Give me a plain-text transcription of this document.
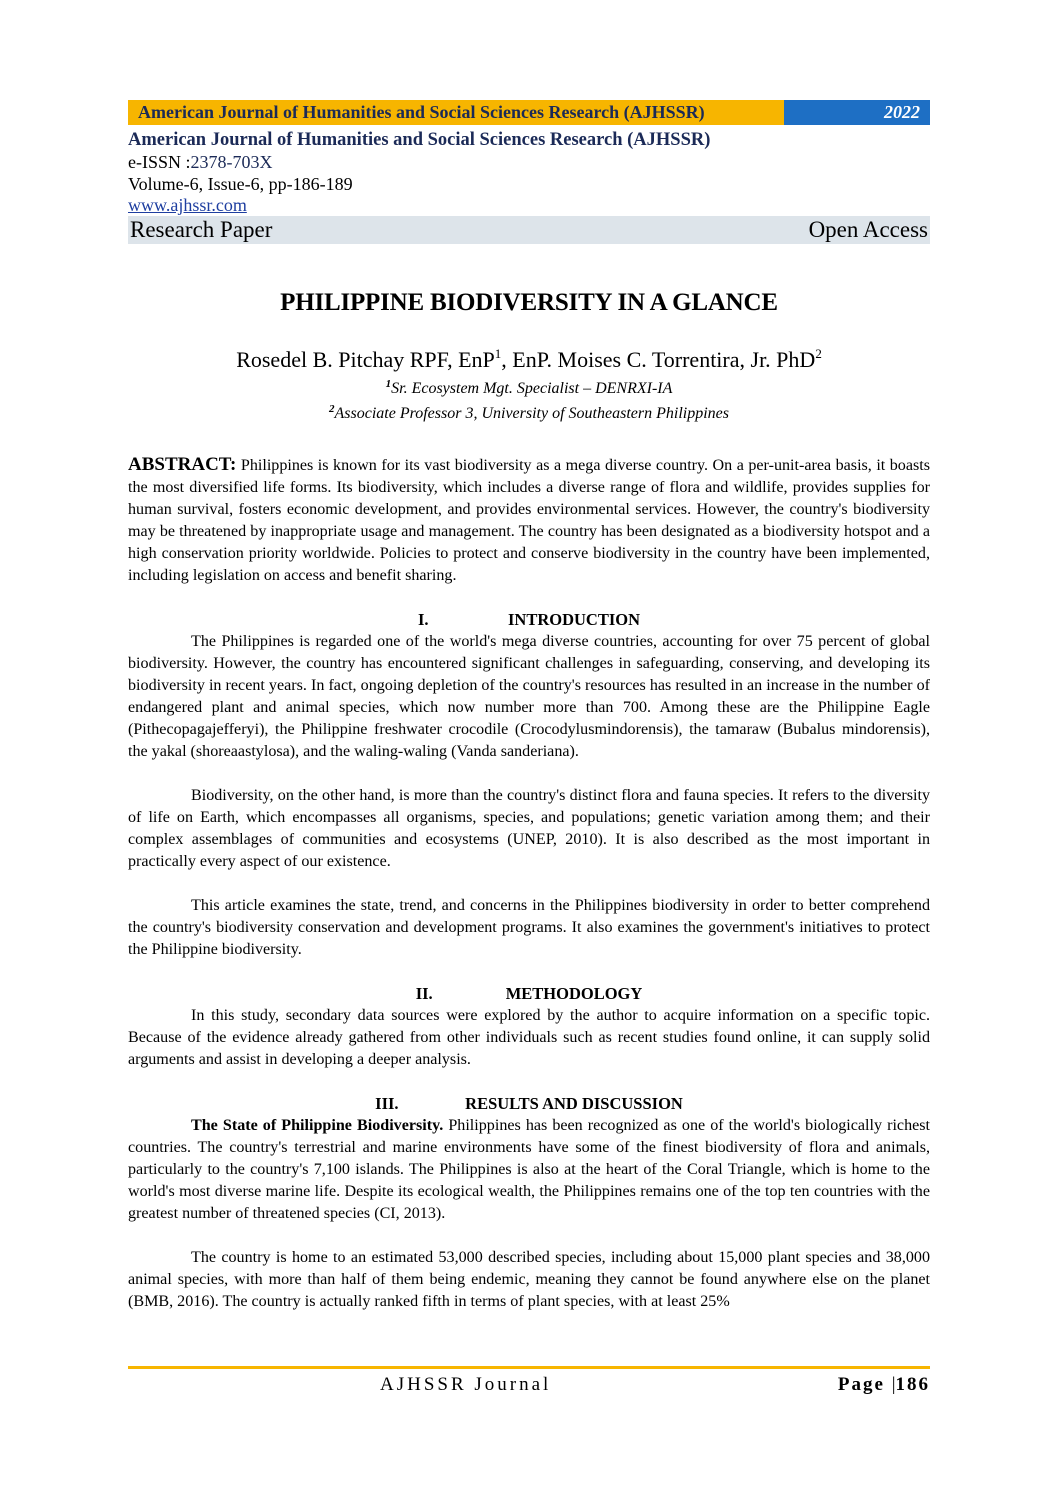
American Journal of Humanities and Social Sciences Research (AJHSSR)	2022
American Journal of Humanities and Social Sciences Research (AJHSSR)
e-ISSN :2378-703X
Volume-6, Issue-6, pp-186-189
www.ajhssr.com
Research Paper	Open Access
PHILIPPINE BIODIVERSITY IN A GLANCE
Rosedel B. Pitchay RPF, EnP$^1$, EnP. Moises C. Torrentira, Jr. PhD$^2$
$^1$Sr. Ecosystem Mgt. Specialist – DENRXI-IA
$^2$Associate Professor 3, University of Southeastern Philippines
ABSTRACT: Philippines is known for its vast biodiversity as a mega diverse country. On a per-unit-area basis, it boasts the most diversified life forms. Its biodiversity, which includes a diverse range of flora and wildlife, provides supplies for human survival, fosters economic development, and provides environmental services. However, the country's biodiversity may be threatened by inappropriate usage and management. The country has been designated as a biodiversity hotspot and a high conservation priority worldwide. Policies to protect and conserve biodiversity in the country have been implemented, including legislation on access and benefit sharing.
I.	INTRODUCTION
The Philippines is regarded one of the world's mega diverse countries, accounting for over 75 percent of global biodiversity. However, the country has encountered significant challenges in safeguarding, conserving, and developing its biodiversity in recent years. In fact, ongoing depletion of the country's resources has resulted in an increase in the number of endangered plant and animal species, which now number more than 700. Among these are the Philippine Eagle (Pithecopagajefferyi), the Philippine freshwater crocodile (Crocodylusmindorensis), the tamaraw (Bubalus mindorensis), the yakal (shoreaastylosa), and the waling-waling (Vanda sanderiana).
Biodiversity, on the other hand, is more than the country's distinct flora and fauna species. It refers to the diversity of life on Earth, which encompasses all organisms, species, and populations; genetic variation among them; and their complex assemblages of communities and ecosystems (UNEP, 2010). It is also described as the most important in practically every aspect of our existence.
This article examines the state, trend, and concerns in the Philippines biodiversity in order to better comprehend the country's biodiversity conservation and development programs. It also examines the government's initiatives to protect the Philippine biodiversity.
II.	METHODOLOGY
In this study, secondary data sources were explored by the author to acquire information on a specific topic. Because of the evidence already gathered from other individuals such as recent studies found online, it can supply solid arguments and assist in developing a deeper analysis.
III.	RESULTS AND DISCUSSION
The State of Philippine Biodiversity. Philippines has been recognized as one of the world's biologically richest countries. The country's terrestrial and marine environments have some of the finest biodiversity of flora and animals, particularly to the country's 7,100 islands. The Philippines is also at the heart of the Coral Triangle, which is home to the world's most diverse marine life. Despite its ecological wealth, the Philippines remains one of the top ten countries with the greatest number of threatened species (CI, 2013).
The country is home to an estimated 53,000 described species, including about 15,000 plant species and 38,000 animal species, with more than half of them being endemic, meaning they cannot be found anywhere else on the planet (BMB, 2016). The country is actually ranked fifth in terms of plant species, with at least 25%
AJHSSR Journal	Page |186
